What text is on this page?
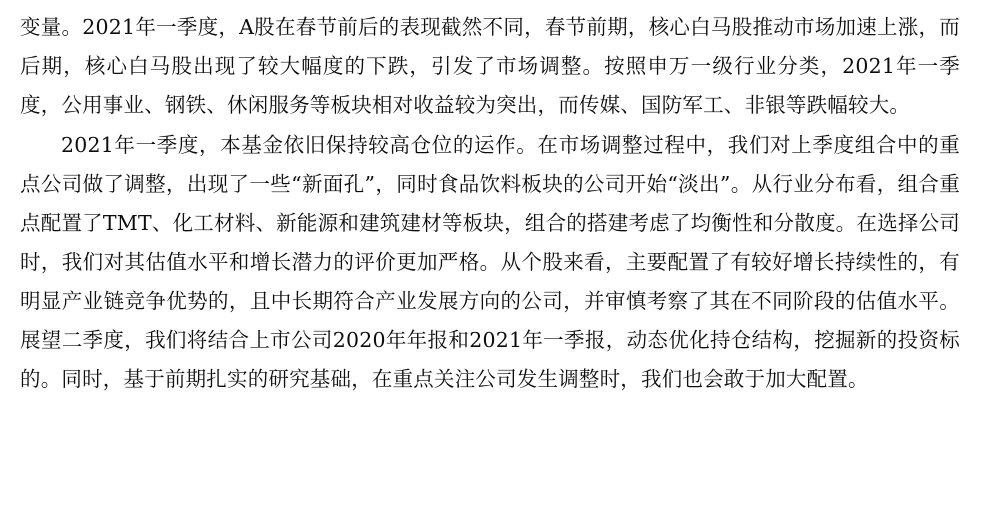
变量。2021年一季度，A股在春节前后的表现截然不同，春节前期，核心白马股推动市场加速上涨，而后期，核心白马股出现了较大幅度的下跌，引发了市场调整。按照申万一级行业分类，2021年一季度，公用事业、钢铁、休闲服务等板块相对收益较为突出，而传媒、国防军工、非银等跌幅较大。

2021年一季度，本基金依旧保持较高仓位的运作。在市场调整过程中，我们对上季度组合中的重点公司做了调整，出现了一些“新面孔”，同时食品饮料板块的公司开始“淡出”。从行业分布看，组合重点配置了TMT、化工材料、新能源和建筑建材等板块，组合的搭建考虑了均衡性和分散度。在选择公司时，我们对其估值水平和增长潜力的评价更加严格。从个股来看，主要配置了有较好增长持续性的，有明显产业链竞争优势的，且中长期符合产业发展方向的公司，并审慎考察了其在不同阶段的估值水平。展望二季度，我们将结合上市公司2020年年报和2021年一季报，动态优化持仓结构，挖掘新的投资标的。同时，基于前期扎实的研究基础，在重点关注公司发生调整时，我们也会敢于加大配置。
